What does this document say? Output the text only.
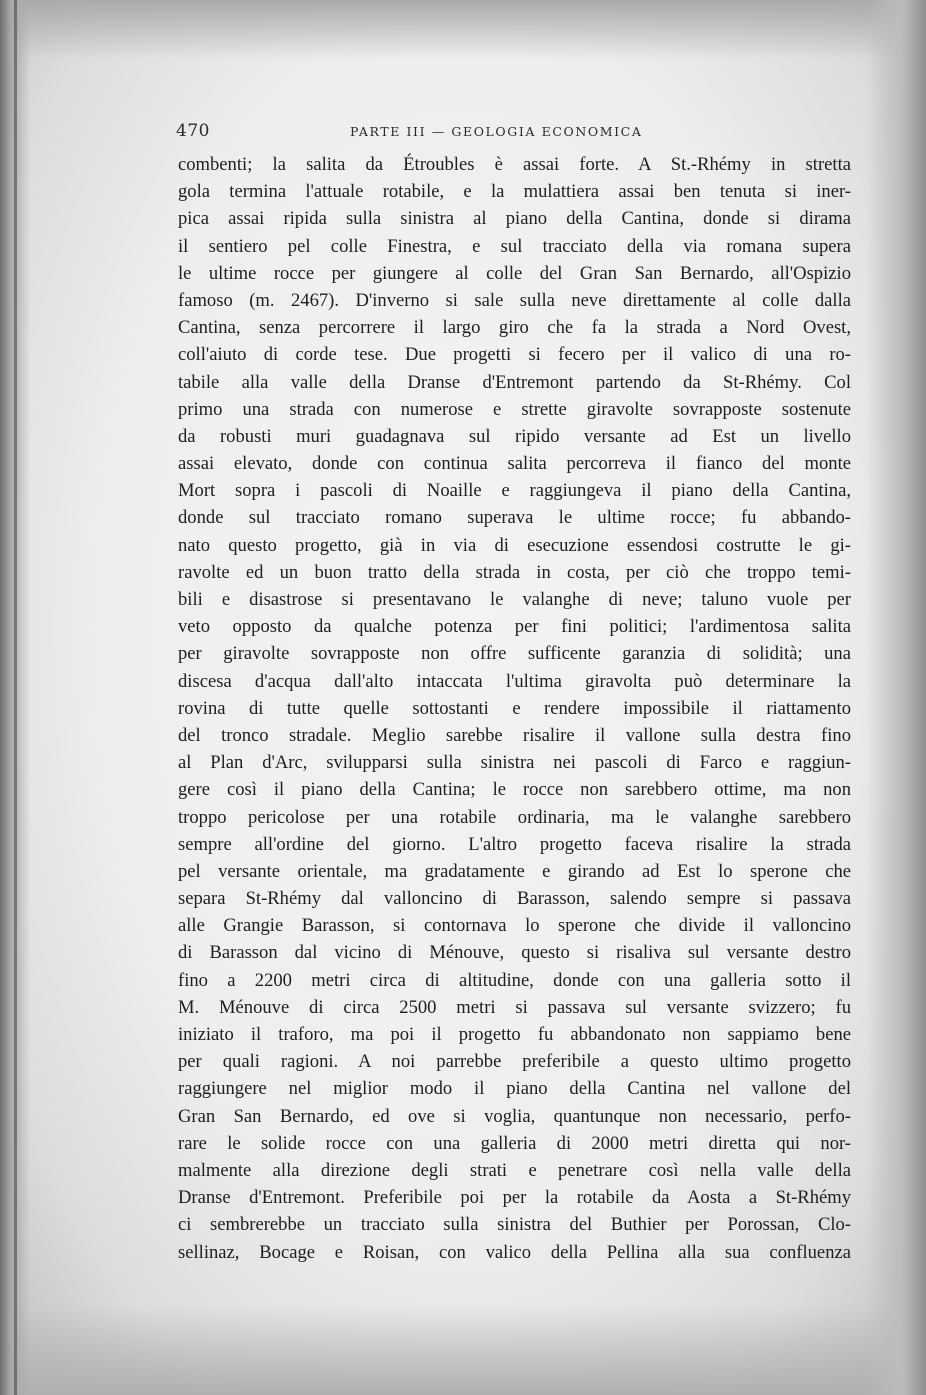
470	PARTE III — GEOLOGIA ECONOMICA
combenti; la salita da Étroubles è assai forte. A St.-Rhémy in stretta
gola termina l'attuale rotabile, e la mulattiera assai ben tenuta si iner-
pica assai ripida sulla sinistra al piano della Cantina, donde si dirama
il sentiero pel colle Finestra, e sul tracciato della via romana supera
le ultime rocce per giungere al colle del Gran San Bernardo, all'Ospizio
famoso (m. 2467). D'inverno si sale sulla neve direttamente al colle dalla
Cantina, senza percorrere il largo giro che fa la strada a Nord Ovest,
coll'aiuto di corde tese. Due progetti si fecero per il valico di una ro-
tabile alla valle della Dranse d'Entremont partendo da St-Rhémy. Col
primo una strada con numerose e strette giravolte sovrapposte sostenute
da robusti muri guadagnava sul ripido versante ad Est un livello
assai elevato, donde con continua salita percorreva il fianco del monte
Mort sopra i pascoli di Noaille e raggiungeva il piano della Cantina,
donde sul tracciato romano superava le ultime rocce; fu abbando-
nato questo progetto, già in via di esecuzione essendosi costrutte le gi-
ravolte ed un buon tratto della strada in costa, per ciò che troppo temi-
bili e disastrose si presentavano le valanghe di neve; taluno vuole per
veto opposto da qualche potenza per fini politici; l'ardimentosa salita
per giravolte sovrapposte non offre sufficente garanzia di solidità; una
discesa d'acqua dall'alto intaccata l'ultima giravolta può determinare la
rovina di tutte quelle sottostanti e rendere impossibile il riattamento
del tronco stradale. Meglio sarebbe risalire il vallone sulla destra fino
al Plan d'Arc, svilupparsi sulla sinistra nei pascoli di Farco e raggiun-
gere così il piano della Cantina; le rocce non sarebbero ottime, ma non
troppo pericolose per una rotabile ordinaria, ma le valanghe sarebbero
sempre all'ordine del giorno. L'altro progetto faceva risalire la strada
pel versante orientale, ma gradatamente e girando ad Est lo sperone che
separa St-Rhémy dal valloncino di Barasson, salendo sempre si passava
alle Grangie Barasson, si contornava lo sperone che divide il valloncino
di Barasson dal vicino di Ménouve, questo si risaliva sul versante destro
fino a 2200 metri circa di altitudine, donde con una galleria sotto il
M. Ménouve di circa 2500 metri si passava sul versante svizzero; fu
iniziato il traforo, ma poi il progetto fu abbandonato non sappiamo bene
per quali ragioni. A noi parrebbe preferibile a questo ultimo progetto
raggiungere nel miglior modo il piano della Cantina nel vallone del
Gran San Bernardo, ed ove si voglia, quantunque non necessario, perfo-
rare le solide rocce con una galleria di 2000 metri diretta qui nor-
malmente alla direzione degli strati e penetrare così nella valle della
Dranse d'Entremont. Preferibile poi per la rotabile da Aosta a St-Rhémy
ci sembrerebbe un tracciato sulla sinistra del Buthier per Porossan, Clo-
sellinaz, Bocage e Roisan, con valico della Pellina alla sua confluenza
